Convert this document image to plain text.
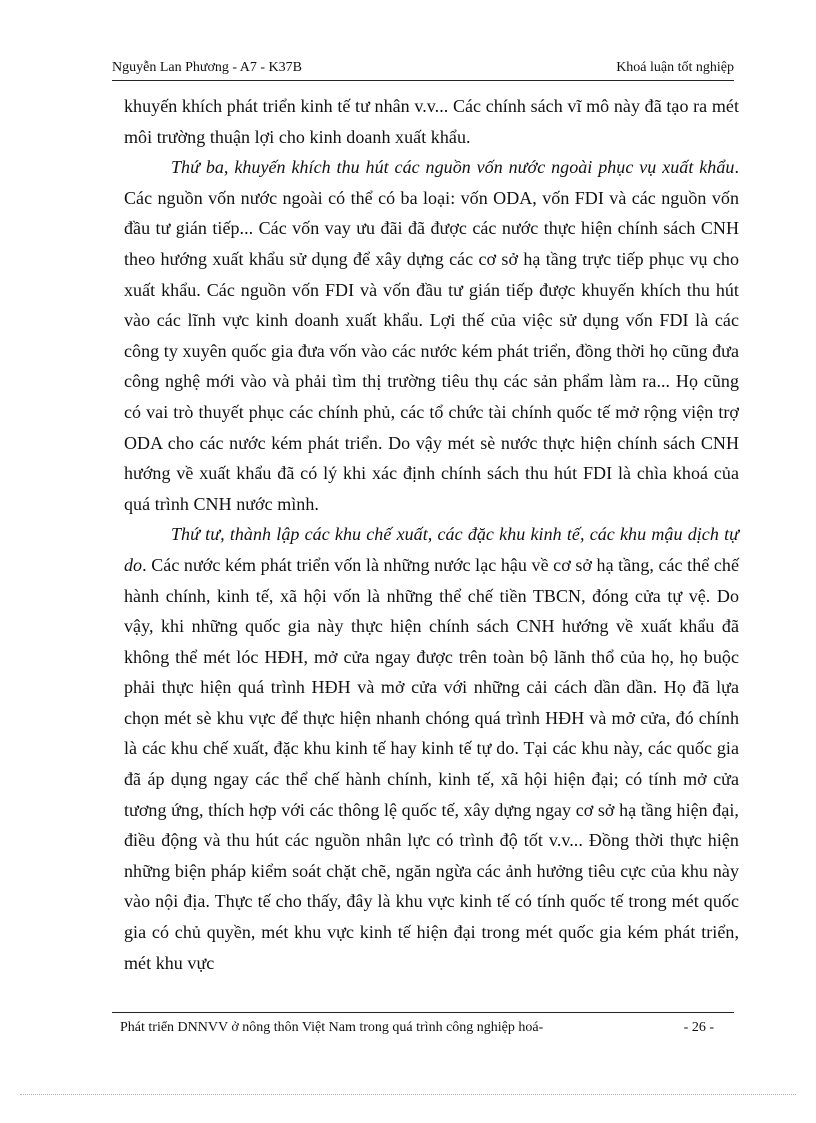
Nguyễn Lan Phương - A7 - K37B	Khoá luận tốt nghiệp

khuyến khích phát triển kinh tế tư nhân v.v... Các chính sách vĩ mô này đã tạo ra mét môi trường thuận lợi cho kinh doanh xuất khẩu.

Thứ ba, khuyến khích thu hút các nguồn vốn nước ngoài phục vụ xuất khẩu. Các nguồn vốn nước ngoài có thể có ba loại: vốn ODA, vốn FDI và các nguồn vốn đầu tư gián tiếp... Các vốn vay ưu đãi đã được các nước thực hiện chính sách CNH theo hướng xuất khẩu sử dụng để xây dựng các cơ sở hạ tầng trực tiếp phục vụ cho xuất khẩu. Các nguồn vốn FDI và vốn đầu tư gián tiếp được khuyến khích thu hút vào các lĩnh vực kinh doanh xuất khẩu. Lợi thế của việc sử dụng vốn FDI là các công ty xuyên quốc gia đưa vốn vào các nước kém phát triển, đồng thời họ cũng đưa công nghệ mới vào và phải tìm thị trường tiêu thụ các sản phẩm làm ra... Họ cũng có vai trò thuyết phục các chính phủ, các tổ chức tài chính quốc tế mở rộng viện trợ ODA cho các nước kém phát triển. Do vậy mét sè nước thực hiện chính sách CNH hướng về xuất khẩu đã có lý khi xác định chính sách thu hút FDI là chìa khoá của quá trình CNH nước mình.

Thứ tư, thành lập các khu chế xuất, các đặc khu kinh tế, các khu mậu dịch tự do. Các nước kém phát triển vốn là những nước lạc hậu về cơ sở hạ tầng, các thể chế hành chính, kinh tế, xã hội vốn là những thể chế tiền TBCN, đóng cửa tự vệ. Do vậy, khi những quốc gia này thực hiện chính sách CNH hướng về xuất khẩu đã không thể mét lóc HĐH, mở cửa ngay được trên toàn bộ lãnh thổ của họ, họ buộc phải thực hiện quá trình HĐH và mở cửa với những cải cách dần dần. Họ đã lựa chọn mét sè khu vực để thực hiện nhanh chóng quá trình HĐH và mở cửa, đó chính là các khu chế xuất, đặc khu kinh tế hay kinh tế tự do. Tại các khu này, các quốc gia đã áp dụng ngay các thể chế hành chính, kinh tế, xã hội hiện đại; có tính mở cửa tương ứng, thích hợp với các thông lệ quốc tế, xây dựng ngay cơ sở hạ tầng hiện đại, điều động và thu hút các nguồn nhân lực có trình độ tốt v.v... Đồng thời thực hiện những biện pháp kiểm soát chặt chẽ, ngăn ngừa các ảnh hưởng tiêu cực của khu này vào nội địa. Thực tế cho thấy, đây là khu vực kinh tế có tính quốc tế trong mét quốc gia có chủ quyền, mét khu vực kinh tế hiện đại trong mét quốc gia kém phát triển, mét khu vực

Phát triển DNNVV ở nông thôn Việt Nam trong quá trình công nghiệp hoá-	- 26 -
